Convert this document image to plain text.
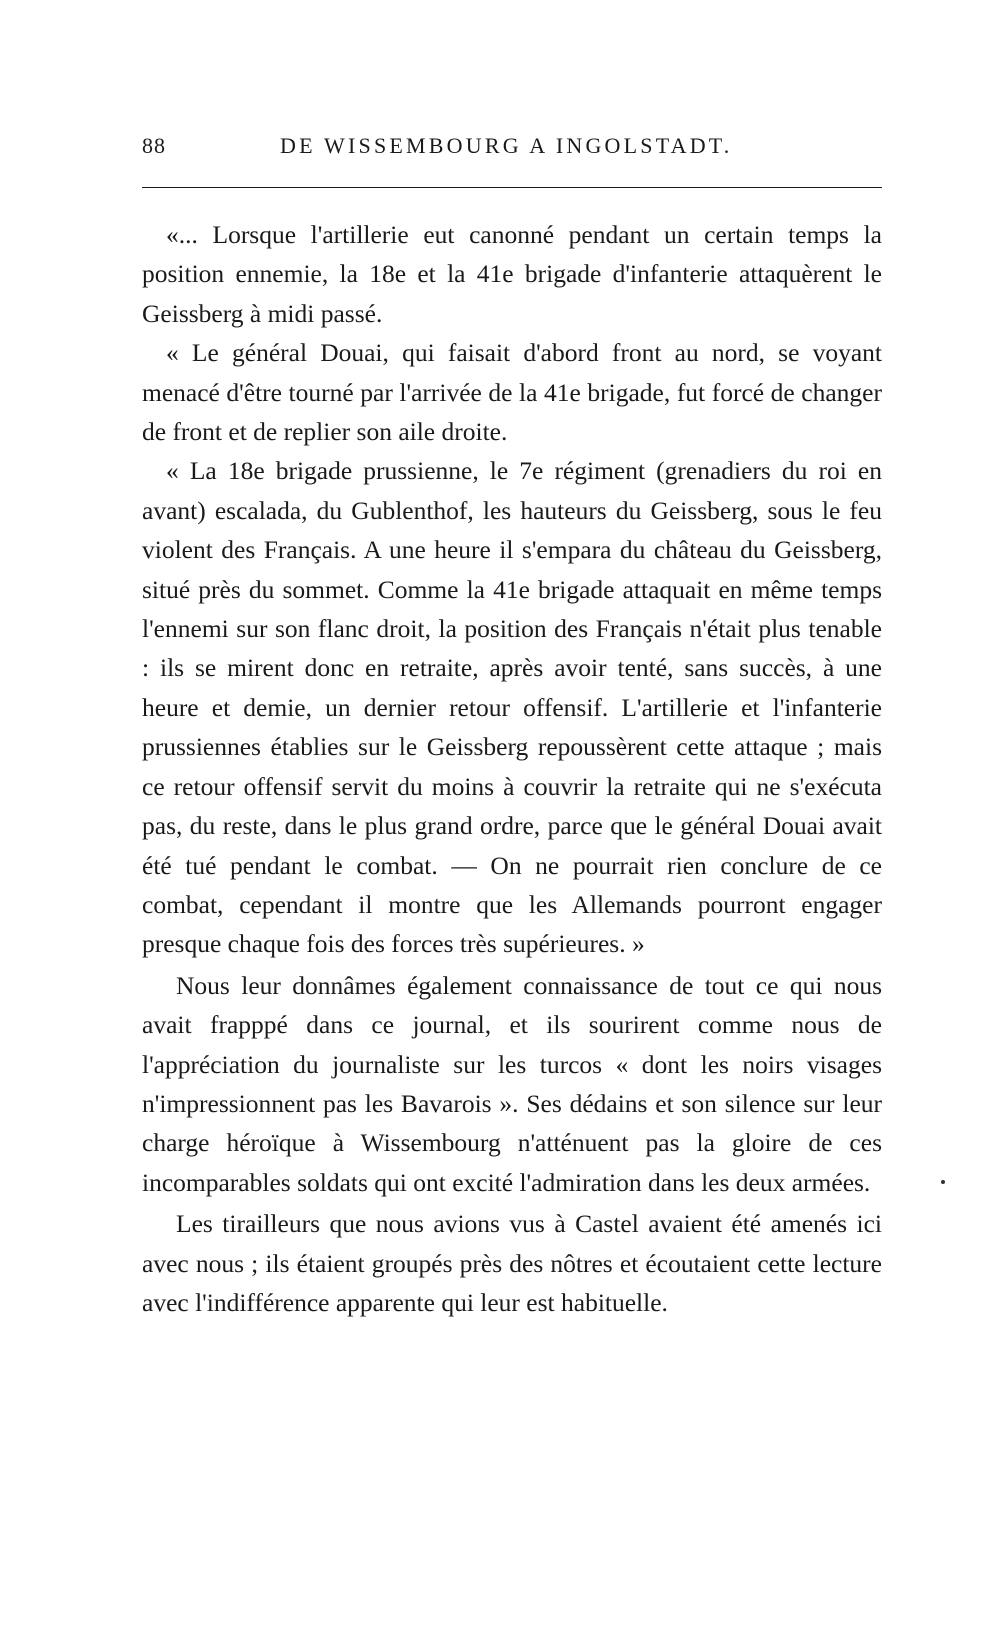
88	DE WISSEMBOURG A INGOLSTADT.

«... Lorsque l'artillerie eut canonné pendant un certain temps la position ennemie, la 18e et la 41e brigade d'infanterie attaquèrent le Geissberg à midi passé.

« Le général Douai, qui faisait d'abord front au nord, se voyant menacé d'être tourné par l'arrivée de la 41e brigade, fut forcé de changer de front et de replier son aile droite.

« La 18e brigade prussienne, le 7e régiment (grenadiers du roi en avant) escalada, du Gublenthof, les hauteurs du Geissberg, sous le feu violent des Français. A une heure il s'empara du château du Geissberg, situé près du sommet. Comme la 41e brigade attaquait en même temps l'ennemi sur son flanc droit, la position des Français n'était plus tenable : ils se mirent donc en retraite, après avoir tenté, sans succès, à une heure et demie, un dernier retour offensif. L'artillerie et l'infanterie prussiennes établies sur le Geissberg repoussèrent cette attaque ; mais ce retour offensif servit du moins à couvrir la retraite qui ne s'exécuta pas, du reste, dans le plus grand ordre, parce que le général Douai avait été tué pendant le combat. — On ne pourrait rien conclure de ce combat, cependant il montre que les Allemands pourront engager presque chaque fois des forces très supérieures. »

Nous leur donnâmes également connaissance de tout ce qui nous avait frapppé dans ce journal, et ils sourirent comme nous de l'appréciation du journaliste sur les turcos « dont les noirs visages n'impressionnent pas les Bavarois ». Ses dédains et son silence sur leur charge héroïque à Wissembourg n'atténuent pas la gloire de ces incomparables soldats qui ont excité l'admiration dans les deux armées.

Les tirailleurs que nous avions vus à Castel avaient été amenés ici avec nous ; ils étaient groupés près des nôtres et écoutaient cette lecture avec l'indifférence apparente qui leur est habituelle.
